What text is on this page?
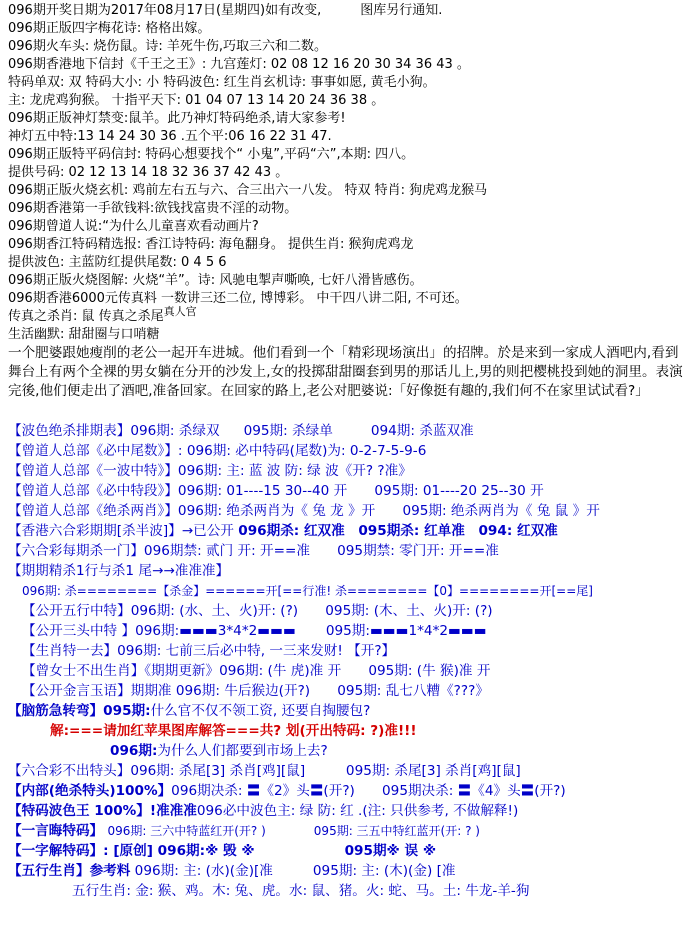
096期开奖日期为2017年08月17日(星期四)如有改变,　　　图库另行通知.
096期正版四字梅花诗: 格格出嫁。
096期火车头: 烧伤鼠。诗: 羊死牛伤,巧取三六和二数。
096期香港地下信封《千王之王》: 九宫莲灯: 02 08 12 16 20 30 34 36 43 。
特码单双: 双 特码大小: 小 特码波色: 红生肖玄机诗: 事事如愿, 黄毛小狗。
主: 龙虎鸡狗猴。 十指平天下: 01 04 07 13 14 20 24 36 38 。
096期正版神灯禁变:鼠羊。此乃神灯特码绝杀,请大家参考!
神灯五中特:13 14 24 30 36 .五个平:06 16 22 31 47.
096期正版特平码信封: 特码心想要找个“ 小鬼”,平码“六”,本期: 四八。
提供号码: 02 12 13 14 18 32 36 37 42 43 。
096期正版火烧玄机: 鸡前左右五与六、合三出六一八发。 特双 特肖: 狗虎鸡龙猴马
096期香港第一手欲钱料:欲钱找富贵不淫的动物。
096期曾道人说:“为什么儿童喜欢看动画片?
096期香江特码精选报: 香江诗特码: 海龟翻身。 提供生肖: 猴狗虎鸡龙
提供波色: 主蓝防红提供尾数: 0 4 5 6
096期正版火烧图解: 火烧“羊”。诗: 风驰电掣声嘶唤, 七奸八滑皆感伤。
096期香港6000元传真料 一数讲三还二位, 博博彩。 中干四八讲二阳, 不可还。
传真之杀肖: 鼠 传真之杀尾$^{真人官}$
生活幽默: 甜甜圈与口哨糖
一个肥婆跟她瘦削的老公一起开车进城。他们看到一个「精彩现场演出」的招牌。於是来到一家成人酒吧内,看到舞台上有两个全裸的男女躺在分开的沙发上,女的投掷甜甜圈套到男的那话儿上,男的则把樱桃投到她的洞里。表演完後,他们便走出了酒吧,准备回家。在回家的路上,老公对肥婆说:「好像挺有趣的,我们何不在家里试试看?」
【波色绝杀排期表】096期: 杀绿双 095期: 杀绿单	094期: 杀蓝双准
【曾道人总部《必中尾数》】: 096期: 必中特码(尾数)为: 0-2-7-5-9-6
【曾道人总部《一波中特》】096期: 主: 蓝 波 防: 绿 波《开? ?准》
【曾道人总部《必中特段》】096期: 01----15 30--40 开　　095期: 01----20 25--30 开
【曾道人总部《绝杀两肖》】096期: 绝杀两肖为《 兔 龙 》开　　095期: 绝杀两肖为《 兔 鼠 》开
【香港六合彩期期[杀半波]】→已公开 096期杀: 红双准　095期杀: 红单准　094: 红双准
【六合彩每期杀一门】096期禁: 贰门 开: 开==准　　095期禁: 零门开: 开==准
【期期精杀1行与杀1 尾→→准准准】
096期: 杀========【杀金】======开[==行准! 杀========【0】========开[==尾]
【公开五行中特】096期: (水、土、火)开: (?)　　095期: (木、土、火)开: (?)
【公开三头中特 】096期:▬▬▬3*4*2▬▬▬ 095期:▬▬▬1*4*2▬▬▬
【生肖特一去】096期: 七前三后必中特, 一三来发财! 【开?】
【曾女士不出生肖】《期期更新》096期: (牛 虎)准 开　　095期: (牛 猴)准 开
【公开金言玉语】期期准 096期: 牛后猴边(开?)　　095期: 乱七八糟《???》
【脑筋急转弯】095期:什么官不仅不领工资, 还要自掏腰包?
解:===请加红苹果图库解答===共? 划(开出特码: ?)准!!!
096期:为什么人们都要到市场上去?
【六合彩不出特头】096期: 杀尾[3] 杀肖[鸡][鼠]　　　095期: 杀尾[3] 杀肖[鸡][鼠]
【内部(绝杀特头)100%】096期决杀: 〓《2》头〓(开?)　　095期决杀: 〓《4》头〓(开?)
【特码波色王 100%】!准准准096必中波色主: 绿 防: 红 .(注: 只供参考, 不做解释!)
【一言晦特码】 096期: 三六中特蓝红开(开? )	095期: 三五中特红蓝开(开: ? )
【一字解特码】: [原创] 096期:※ 毁 ※	095期※ 误 ※
【五行生肖】参考料 096期: 主: (水)(金)[准	095期: 主: (木)(金) [准
五行生肖: 金: 猴、鸡。木: 兔、虎。水: 鼠、猪。火: 蛇、马。土: 牛龙-羊-狗
